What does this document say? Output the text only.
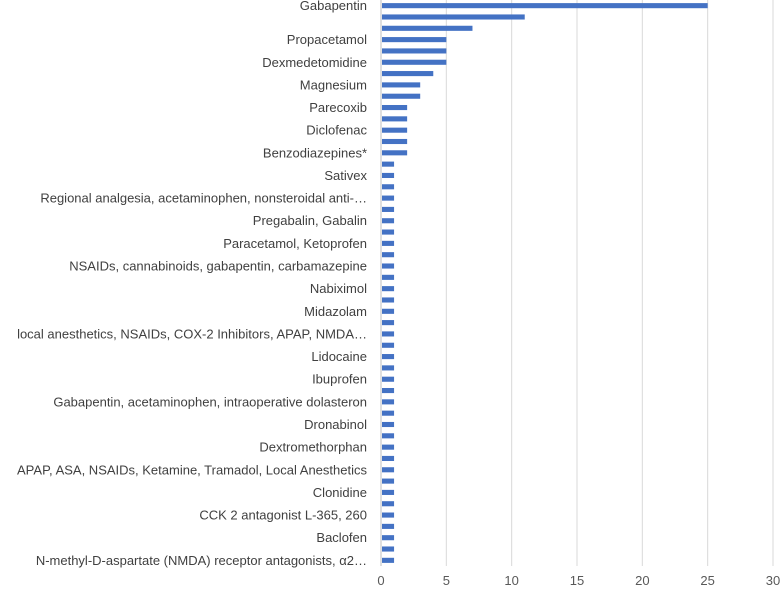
Gabapentin
Propacetamol
Dexmedetomidine
Magnesium
Parecoxib
Diclofenac
Benzodiazepines*
Sativex
Regional analgesia, acetaminophen, nonsteroidal anti-…
Pregabalin, Gabalin
Paracetamol, Ketoprofen
NSAIDs, cannabinoids, gabapentin, carbamazepine
Nabiximol
Midazolam
local anesthetics, NSAIDs, COX-2 Inhibitors, APAP, NMDA…
Lidocaine
Ibuprofen
Gabapentin, acetaminophen, intraoperative dolasteron
Dronabinol
Dextromethorphan
APAP, ASA, NSAIDs, Ketamine, Tramadol, Local Anesthetics
Clonidine
CCK 2 antagonist L-365, 260
Baclofen
N-methyl-D-aspartate (NMDA) receptor antagonists, α2…
0	5	10	15	20	25	30
